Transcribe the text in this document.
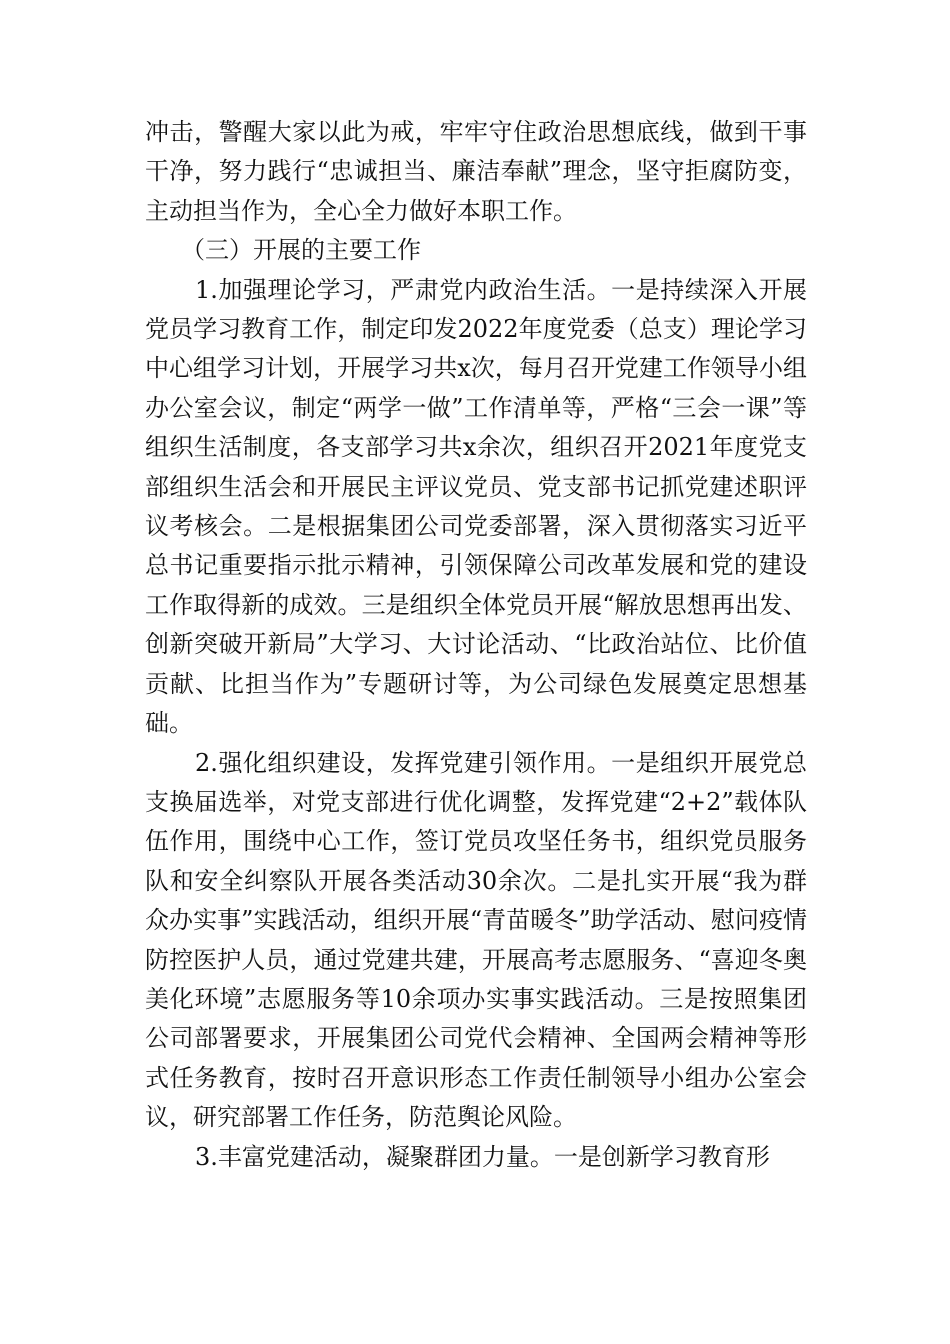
冲击，警醒大家以此为戒，牢牢守住政治思想底线，做到干事干净，努力践行“忠诚担当、廉洁奉献”理念，坚守拒腐防变，主动担当作为，全心全力做好本职工作。

（三）开展的主要工作

1.加强理论学习，严肃党内政治生活。一是持续深入开展党员学习教育工作，制定印发2022年度党委（总支）理论学习中心组学习计划，开展学习共x次，每月召开党建工作领导小组办公室会议，制定“两学一做”工作清单等，严格“三会一课”等组织生活制度，各支部学习共x余次，组织召开2021年度党支部组织生活会和开展民主评议党员、党支部书记抓党建述职评议考核会。二是根据集团公司党委部署，深入贯彻落实习近平总书记重要指示批示精神，引领保障公司改革发展和党的建设工作取得新的成效。三是组织全体党员开展“解放思想再出发、创新突破开新局”大学习、大讨论活动、“比政治站位、比价值贡献、比担当作为”专题研讨等，为公司绿色发展奠定思想基础。

2.强化组织建设，发挥党建引领作用。一是组织开展党总支换届选举，对党支部进行优化调整，发挥党建“2+2”载体队伍作用，围绕中心工作，签订党员攻坚任务书，组织党员服务队和安全纠察队开展各类活动30余次。二是扎实开展“我为群众办实事”实践活动，组织开展“青苗暖冬”助学活动、慰问疫情防控医护人员，通过党建共建，开展高考志愿服务、“喜迎冬奥 美化环境”志愿服务等10余项办实事实践活动。三是按照集团公司部署要求，开展集团公司党代会精神、全国两会精神等形式任务教育，按时召开意识形态工作责任制领导小组办公室会议，研究部署工作任务，防范舆论风险。

3.丰富党建活动，凝聚群团力量。一是创新学习教育形
